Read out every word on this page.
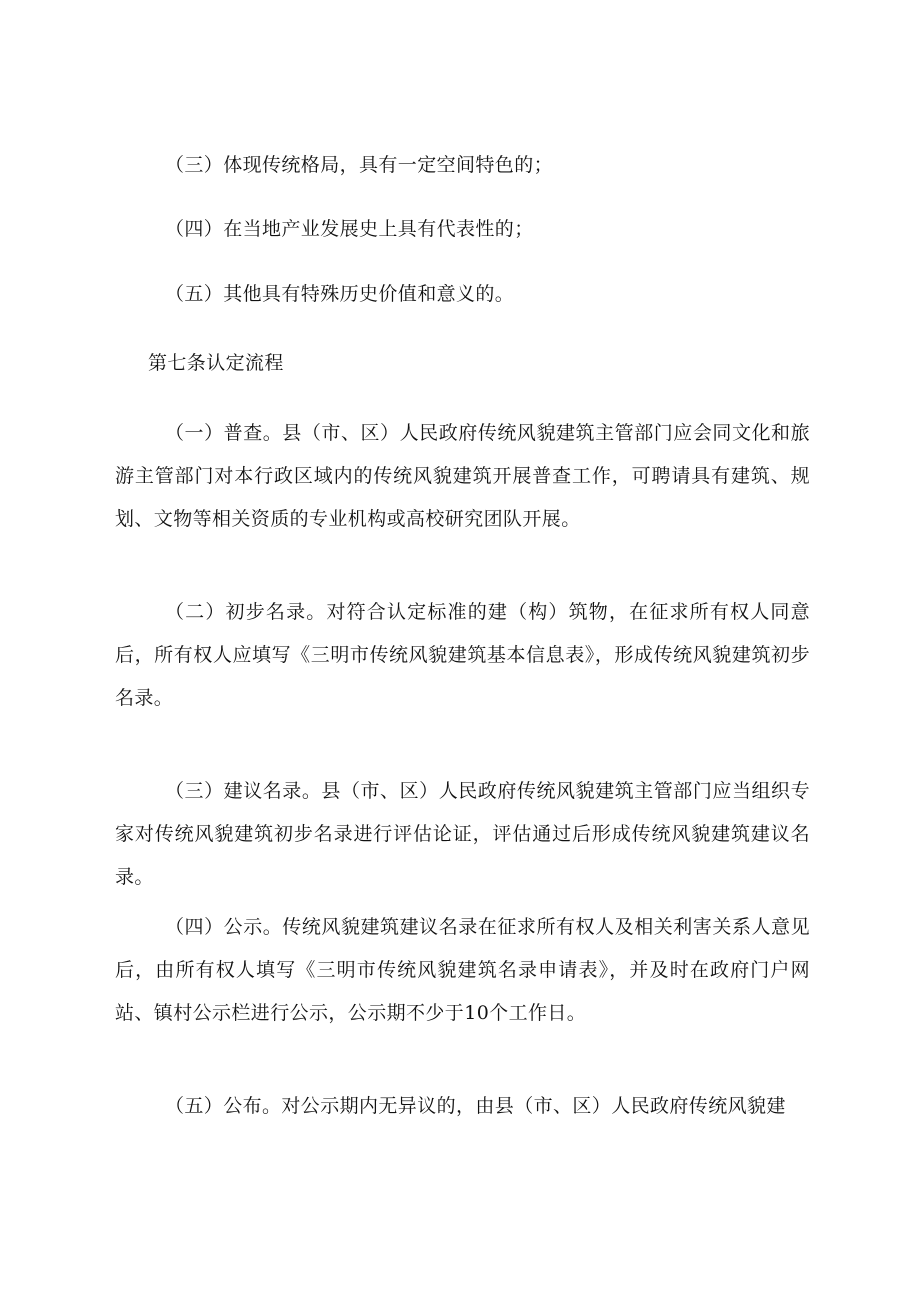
（三）体现传统格局，具有一定空间特色的；

（四）在当地产业发展史上具有代表性的；

（五）其他具有特殊历史价值和意义的。

第七条认定流程

（一）普查。县（市、区）人民政府传统风貌建筑主管部门应会同文化和旅游主管部门对本行政区域内的传统风貌建筑开展普查工作，可聘请具有建筑、规划、文物等相关资质的专业机构或高校研究团队开展。

（二）初步名录。对符合认定标准的建（构）筑物，在征求所有权人同意后，所有权人应填写《三明市传统风貌建筑基本信息表》，形成传统风貌建筑初步名录。

（三）建议名录。县（市、区）人民政府传统风貌建筑主管部门应当组织专家对传统风貌建筑初步名录进行评估论证，评估通过后形成传统风貌建筑建议名录。

（四）公示。传统风貌建筑建议名录在征求所有权人及相关利害关系人意见后，由所有权人填写《三明市传统风貌建筑名录申请表》，并及时在政府门户网站、镇村公示栏进行公示，公示期不少于10个工作日。

（五）公布。对公示期内无异议的，由县（市、区）人民政府传统风貌建
